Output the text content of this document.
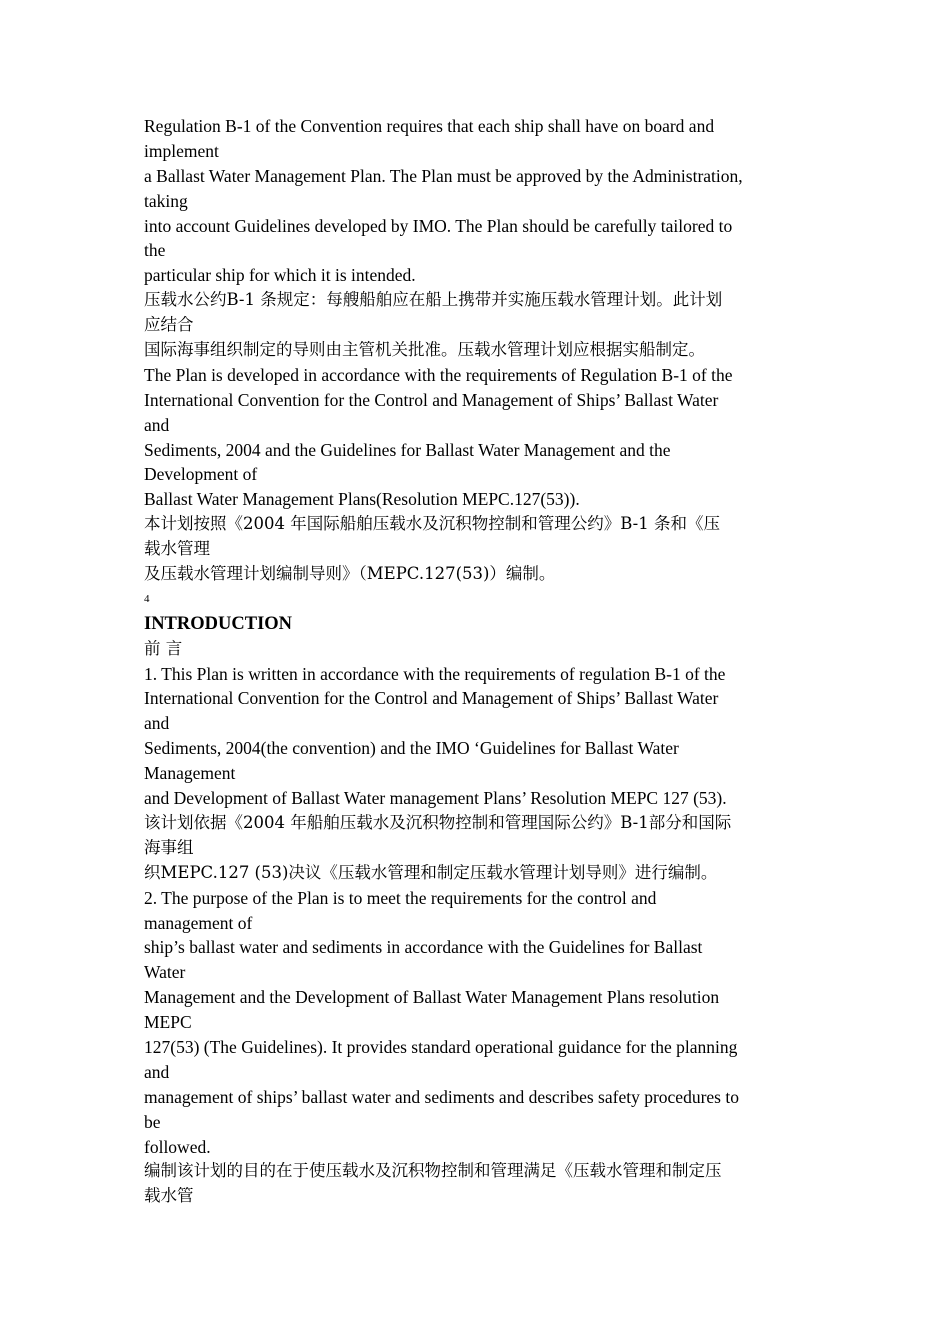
Regulation B-1 of the Convention requires that each ship shall have on board and
implement
a Ballast Water Management Plan. The Plan must be approved by the Administration,
taking
into account Guidelines developed by IMO. The Plan should be carefully tailored to
the
particular ship for which it is intended.
压载水公约B-1 条规定：每艘船舶应在船上携带并实施压载水管理计划。此计划
应结合
国际海事组织制定的导则由主管机关批准。压载水管理计划应根据实船制定。
The Plan is developed in accordance with the requirements of Regulation B-1 of the
International Convention for the Control and Management of Ships’ Ballast Water
and
Sediments, 2004 and the Guidelines for Ballast Water Management and the
Development of
Ballast Water Management Plans(Resolution MEPC.127(53)).
本计划按照《2004 年国际船舶压载水及沉积物控制和管理公约》B-1 条和《压
载水管理
及压载水管理计划编制导则》（MEPC.127(53)）编制。
4
INTRODUCTION
前 言
1. This Plan is written in accordance with the requirements of regulation B-1 of the
International Convention for the Control and Management of Ships’ Ballast Water
and
Sediments, 2004(the convention) and the IMO ‘Guidelines for Ballast Water
Management
and Development of Ballast Water management Plans’ Resolution MEPC 127 (53).
该计划依据《2004 年船舶压载水及沉积物控制和管理国际公约》B-1部分和国际
海事组
织MEPC.127 (53)决议《压载水管理和制定压载水管理计划导则》进行编制。
2. The purpose of the Plan is to meet the requirements for the control and
management of
ship’s ballast water and sediments in accordance with the Guidelines for Ballast
Water
Management and the Development of Ballast Water Management Plans resolution
MEPC
127(53) (The Guidelines). It provides standard operational guidance for the planning
and
management of ships’ ballast water and sediments and describes safety procedures to
be
followed.
编制该计划的目的在于使压载水及沉积物控制和管理满足《压载水管理和制定压
载水管
